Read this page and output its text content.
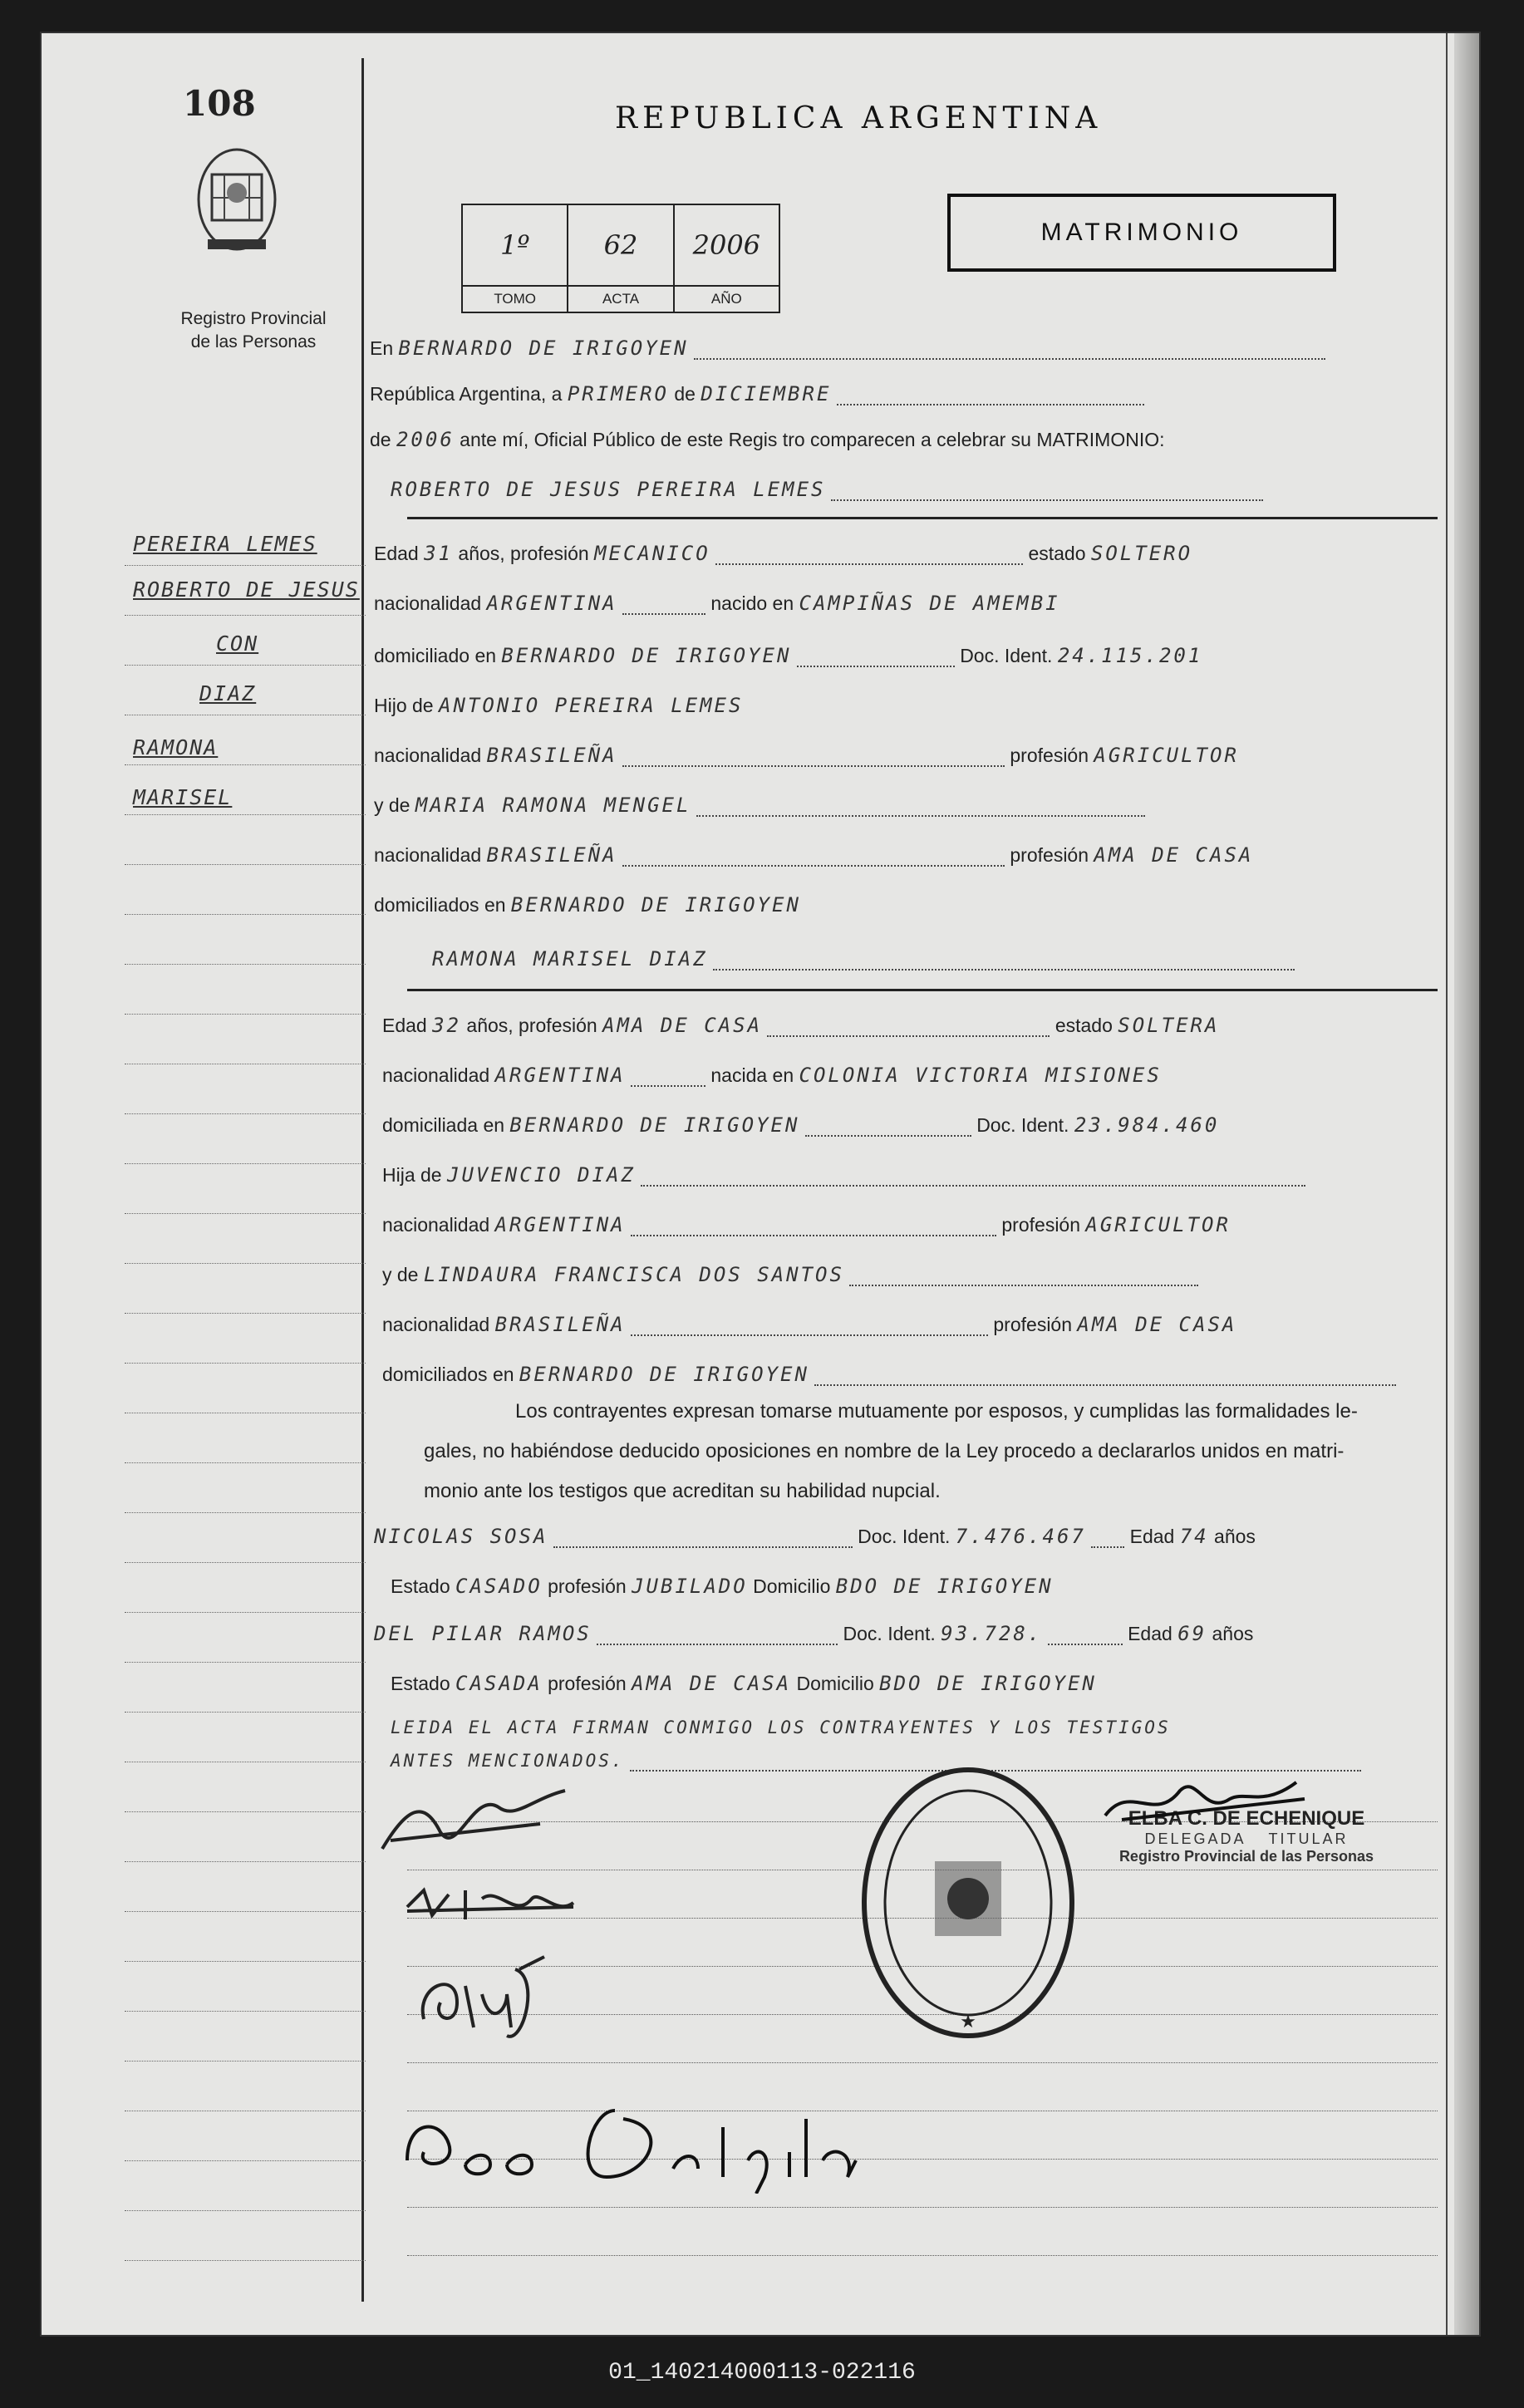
108
Registro Provincial
de las Personas
REPUBLICA ARGENTINA
1º
TOMO
62
ACTA
2006
AÑO
MATRIMONIO
En BERNARDO DE IRIGOYEN
República Argentina, a PRIMERO de DICIEMBRE
de 2006 ante mí, Oficial Público de este Regis tro comparecen a celebrar su MATRIMONIO:
ROBERTO DE JESUS PEREIRA LEMES
PEREIRA LEMES
ROBERTO DE JESUS
CON
DIAZ
RAMONA
MARISEL
Edad 31 años, profesión MECANICO	estado SOLTERO
nacionalidad ARGENTINA	nacido en CAMPIÑAS DE AMEMBI
domiciliado en BERNARDO DE IRIGOYEN	Doc. Ident. 24.115.201
Hijo de ANTONIO PEREIRA LEMES
nacionalidad BRASILEÑA	profesión AGRICULTOR
y de MARIA RAMONA MENGEL
nacionalidad BRASILEÑA	profesión AMA DE CASA
domiciliados en BERNARDO DE IRIGOYEN
RAMONA MARISEL DIAZ
Edad 32 años, profesión AMA DE CASA	estado SOLTERA
nacionalidad ARGENTINA	nacida en COLONIA VICTORIA MISIONES
domiciliada en BERNARDO DE IRIGOYEN	Doc. Ident. 23.984.460
Hija de JUVENCIO DIAZ
nacionalidad ARGENTINA	profesión AGRICULTOR
y de LINDAURA FRANCISCA DOS SANTOS
nacionalidad BRASILEÑA	profesión AMA DE CASA
domiciliados en BERNARDO DE IRIGOYEN
Los contrayentes expresan tomarse mutuamente por esposos, y cumplidas las formalidades le-
gales, no habiéndose deducido oposiciones en nombre de la Ley procedo a declararlos unidos en matri-
monio ante los testigos que acreditan su habilidad nupcial.
NICOLAS SOSA	Doc. Ident. 7.476.467 Edad 74 años
Estado CASADO profesión JUBILADO Domicilio BDO DE IRIGOYEN
DEL PILAR RAMOS	Doc. Ident. 93.728.	Edad 69 años
Estado CASADA profesión AMA DE CASA Domicilio BDO DE IRIGOYEN
LEIDA EL ACTA FIRMAN CONMIGO LOS CONTRAYENTES Y LOS TESTIGOS
ANTES MENCIONADOS.
★
ELBA C. DE ECHENIQUE
DELEGADA TITULAR
Registro Provincial de las Personas
01_140214000113-022116
